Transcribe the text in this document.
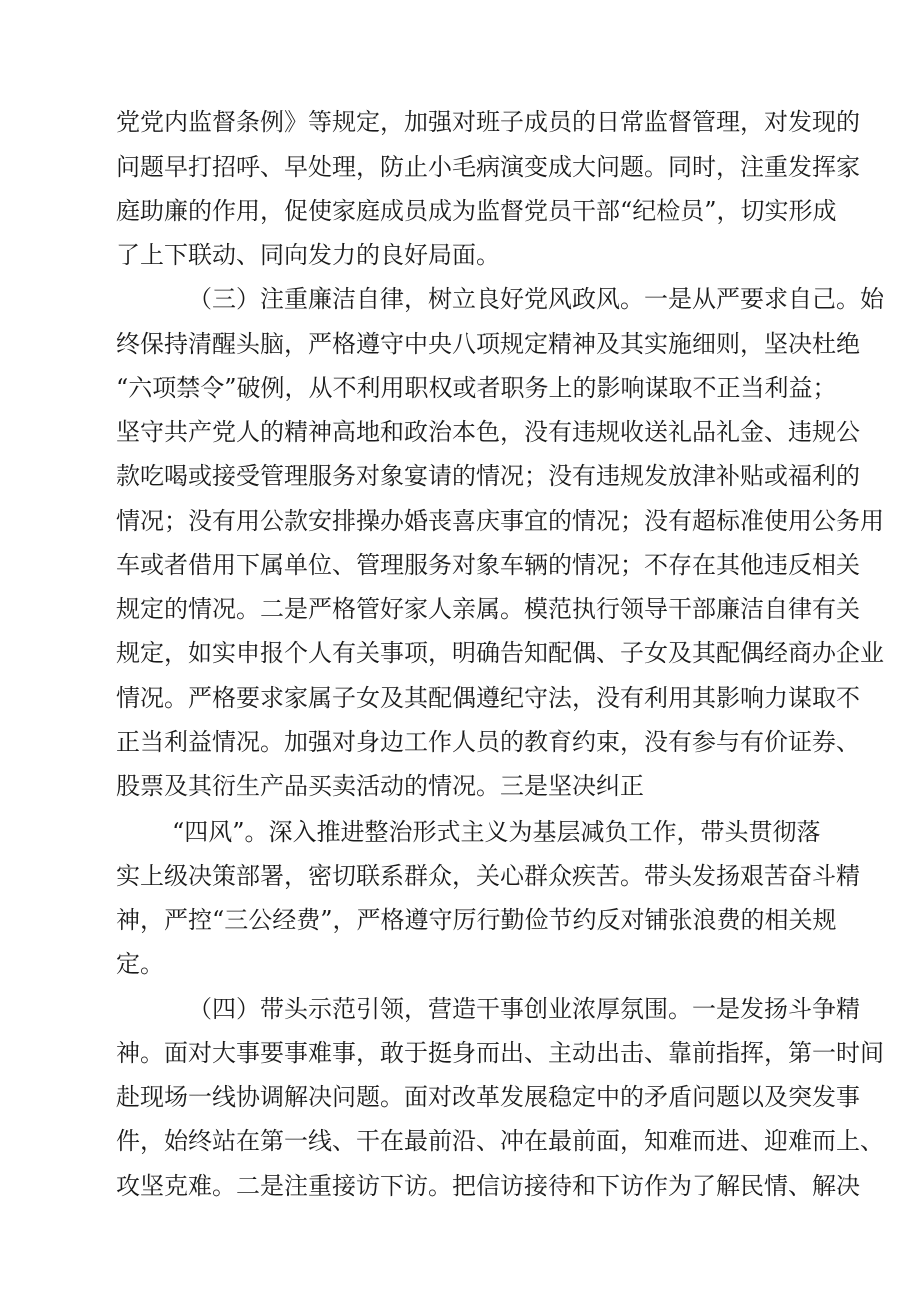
党党内监督条例》等规定，加强对班子成员的日常监督管理，对发现的
问题早打招呼、早处理，防止小毛病演变成大问题。同时，注重发挥家
庭助廉的作用，促使家庭成员成为监督党员干部“纪检员”，切实形成
了上下联动、同向发力的良好局面。
（三）注重廉洁自律，树立良好党风政风。一是从严要求自己。始
终保持清醒头脑，严格遵守中央八项规定精神及其实施细则，坚决杜绝
“六项禁令”破例，从不利用职权或者职务上的影响谋取不正当利益；
坚守共产党人的精神高地和政治本色，没有违规收送礼品礼金、违规公
款吃喝或接受管理服务对象宴请的情况；没有违规发放津补贴或福利的
情况；没有用公款安排操办婚丧喜庆事宜的情况；没有超标准使用公务用
车或者借用下属单位、管理服务对象车辆的情况；不存在其他违反相关
规定的情况。二是严格管好家人亲属。模范执行领导干部廉洁自律有关
规定，如实申报个人有关事项，明确告知配偶、子女及其配偶经商办企业
情况。严格要求家属子女及其配偶遵纪守法，没有利用其影响力谋取不
正当利益情况。加强对身边工作人员的教育约束，没有参与有价证券、
股票及其衍生产品买卖活动的情况。三是坚决纠正
“四风”。深入推进整治形式主义为基层减负工作，带头贯彻落
实上级决策部署，密切联系群众，关心群众疾苦。带头发扬艰苦奋斗精
神，严控“三公经费”，严格遵守厉行勤俭节约反对铺张浪费的相关规
定。
（四）带头示范引领，营造干事创业浓厚氛围。一是发扬斗争精
神。面对大事要事难事，敢于挺身而出、主动出击、靠前指挥，第一时间
赴现场一线协调解决问题。面对改革发展稳定中的矛盾问题以及突发事
件，始终站在第一线、干在最前沿、冲在最前面，知难而进、迎难而上、
攻坚克难。二是注重接访下访。把信访接待和下访作为了解民情、解决
